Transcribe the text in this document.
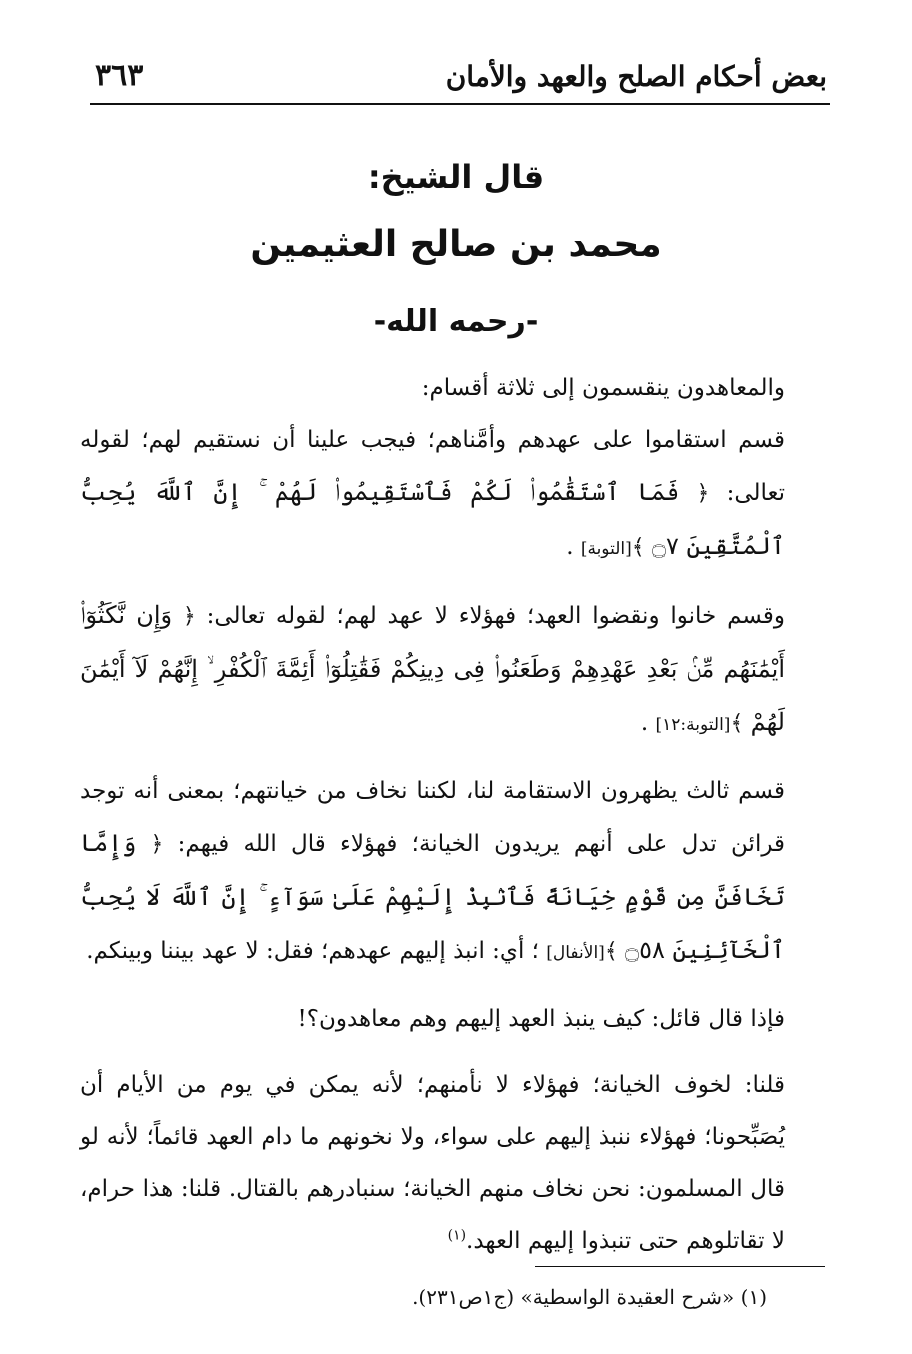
بعض أحكام الصلح والعهد والأمان
٣٦٣
قال الشيخ:
محمد بن صالح العثيمين
-رحمه الله-

والمعاهدون ينقسمون إلى ثلاثة أقسام:

قسم استقاموا على عهدهم وأمَّناهم؛ فيجب علينا أن نستقيم لهم؛ لقوله تعالى: ﴿ فَمَا ٱسْتَقَٰمُوا۟ لَكُمْ فَٱسْتَقِيمُوا۟ لَهُمْ ۚ إِنَّ ٱللَّهَ يُحِبُّ ٱلْمُتَّقِينَ ۝٧ ﴾[التوبة] .

وقسم خانوا ونقضوا العهد؛ فهؤلاء لا عهد لهم؛ لقوله تعالى: ﴿ وَإِن نَّكَثُوٓا۟ أَيْمَٰنَهُم مِّنۢ بَعْدِ عَهْدِهِمْ وَطَعَنُوا۟ فِى دِينِكُمْ فَقَٰتِلُوٓا۟ أَئِمَّةَ ٱلْكُفْرِ ۙ إِنَّهُمْ لَآ أَيْمَٰنَ لَهُمْ ﴾[التوبة:١٢] .

قسم ثالث يظهرون الاستقامة لنا، لكننا نخاف من خيانتهم؛ بمعنى أنه توجد قرائن تدل على أنهم يريدون الخيانة؛ فهؤلاء قال الله فيهم: ﴿ وَإِمَّا تَخَافَنَّ مِن قَوْمٍ خِيَانَةً فَٱنۢبِذْ إِلَيْهِمْ عَلَىٰ سَوَآءٍ ۚ إِنَّ ٱللَّهَ لَا يُحِبُّ ٱلْخَآئِنِينَ ۝٥٨ ﴾[الأنفال] ؛ أي: انبذ إليهم عهدهم؛ فقل: لا عهد بيننا وبينكم.

فإذا قال قائل: كيف ينبذ العهد إليهم وهم معاهدون؟!

قلنا: لخوف الخيانة؛ فهؤلاء لا نأمنهم؛ لأنه يمكن في يوم من الأيام أن يُصَبِّحونا؛ فهؤلاء ننبذ إليهم على سواء، ولا نخونهم ما دام العهد قائماً؛ لأنه لو قال المسلمون: نحن نخاف منهم الخيانة؛ سنبادرهم بالقتال. قلنا: هذا حرام، لا تقاتلوهم حتى تنبذوا إليهم العهد.$^{(١)}$

(١) «شرح العقيدة الواسطية» (ج١ص٢٣١).
